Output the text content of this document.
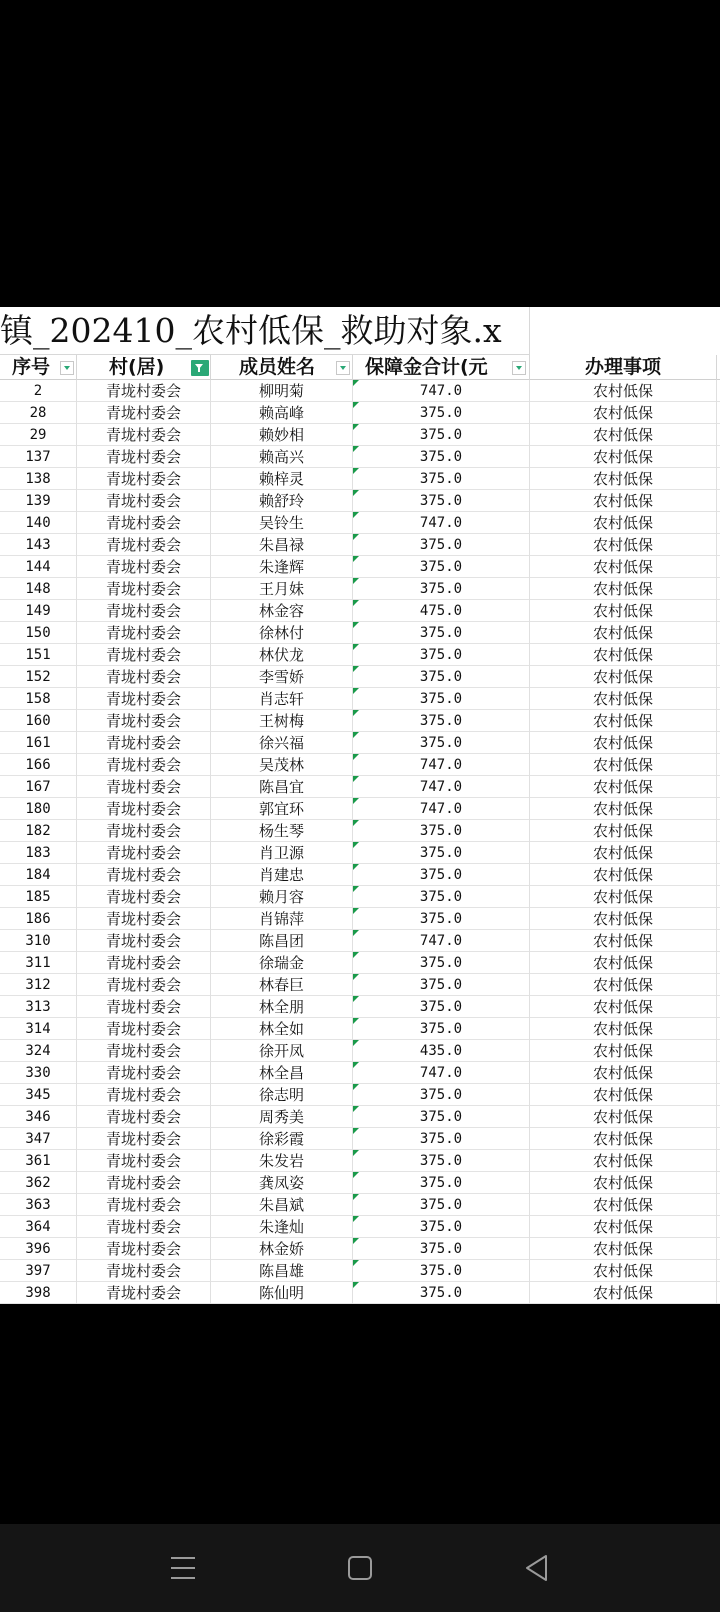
镇_202410_农村低保_救助对象.x
序号	村(居)	成员姓名	保障金合计(元	办理事项
2	青垅村委会	柳明菊	747.0	农村低保
28	青垅村委会	赖高峰	375.0	农村低保
29	青垅村委会	赖妙相	375.0	农村低保
137	青垅村委会	赖高兴	375.0	农村低保
138	青垅村委会	赖梓灵	375.0	农村低保
139	青垅村委会	赖舒玲	375.0	农村低保
140	青垅村委会	吴铃生	747.0	农村低保
143	青垅村委会	朱昌禄	375.0	农村低保
144	青垅村委会	朱逢辉	375.0	农村低保
148	青垅村委会	王月妹	375.0	农村低保
149	青垅村委会	林金容	475.0	农村低保
150	青垅村委会	徐林付	375.0	农村低保
151	青垅村委会	林伏龙	375.0	农村低保
152	青垅村委会	李雪娇	375.0	农村低保
158	青垅村委会	肖志轩	375.0	农村低保
160	青垅村委会	王树梅	375.0	农村低保
161	青垅村委会	徐兴福	375.0	农村低保
166	青垅村委会	吴茂林	747.0	农村低保
167	青垅村委会	陈昌宜	747.0	农村低保
180	青垅村委会	郭宜环	747.0	农村低保
182	青垅村委会	杨生琴	375.0	农村低保
183	青垅村委会	肖卫源	375.0	农村低保
184	青垅村委会	肖建忠	375.0	农村低保
185	青垅村委会	赖月容	375.0	农村低保
186	青垅村委会	肖锦萍	375.0	农村低保
310	青垅村委会	陈昌团	747.0	农村低保
311	青垅村委会	徐瑞金	375.0	农村低保
312	青垅村委会	林春巨	375.0	农村低保
313	青垅村委会	林全朋	375.0	农村低保
314	青垅村委会	林全如	375.0	农村低保
324	青垅村委会	徐开凤	435.0	农村低保
330	青垅村委会	林全昌	747.0	农村低保
345	青垅村委会	徐志明	375.0	农村低保
346	青垅村委会	周秀美	375.0	农村低保
347	青垅村委会	徐彩霞	375.0	农村低保
361	青垅村委会	朱发岩	375.0	农村低保
362	青垅村委会	龚凤姿	375.0	农村低保
363	青垅村委会	朱昌斌	375.0	农村低保
364	青垅村委会	朱逢灿	375.0	农村低保
396	青垅村委会	林金娇	375.0	农村低保
397	青垅村委会	陈昌雄	375.0	农村低保
398	青垅村委会	陈仙明	375.0	农村低保
